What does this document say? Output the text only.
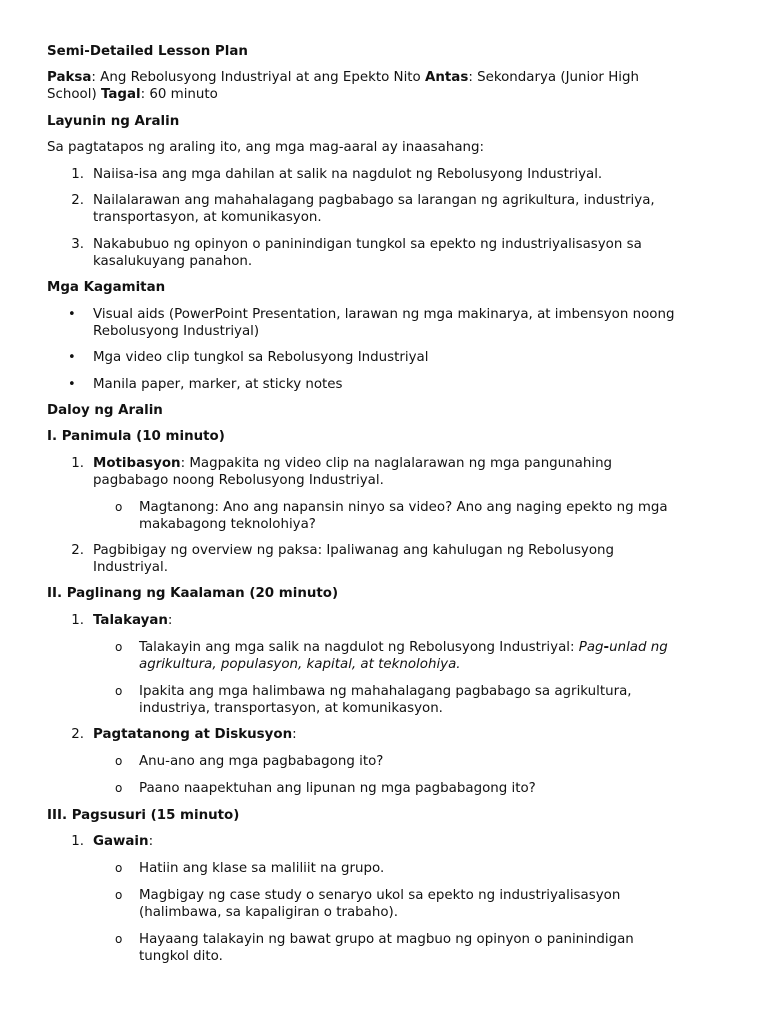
Semi-Detailed Lesson Plan
Paksa: Ang Rebolusyong Industriyal at ang Epekto Nito Antas: Sekondarya (Junior High
School) Tagal: 60 minuto
Layunin ng Aralin
Sa pagtatapos ng araling ito, ang mga mag-aaral ay inaasahang:
1. Naiisa-isa ang mga dahilan at salik na nagdulot ng Rebolusyong Industriyal.
2. Nailalarawan ang mahahalagang pagbabago sa larangan ng agrikultura, industriya,
transportasyon, at komunikasyon.
3. Nakabubuo ng opinyon o paninindigan tungkol sa epekto ng industriyalisasyon sa
kasalukuyang panahon.
Mga Kagamitan
• Visual aids (PowerPoint Presentation, larawan ng mga makinarya, at imbensyon noong
Rebolusyong Industriyal)
• Mga video clip tungkol sa Rebolusyong Industriyal
• Manila paper, marker, at sticky notes
Daloy ng Aralin
I. Panimula (10 minuto)
1. Motibasyon: Magpakita ng video clip na naglalarawan ng mga pangunahing
pagbabago noong Rebolusyong Industriyal.
o Magtanong: Ano ang napansin ninyo sa video? Ano ang naging epekto ng mga
makabagong teknolohiya?
2. Pagbibigay ng overview ng paksa: Ipaliwanag ang kahulugan ng Rebolusyong
Industriyal.
II. Paglinang ng Kaalaman (20 minuto)
1. Talakayan:
o Talakayin ang mga salik na nagdulot ng Rebolusyong Industriyal: Pag-unlad ng
agrikultura, populasyon, kapital, at teknolohiya.
o Ipakita ang mga halimbawa ng mahahalagang pagbabago sa agrikultura,
industriya, transportasyon, at komunikasyon.
2. Pagtatanong at Diskusyon:
o Anu-ano ang mga pagbabagong ito?
o Paano naapektuhan ang lipunan ng mga pagbabagong ito?
III. Pagsusuri (15 minuto)
1. Gawain:
o Hatiin ang klase sa maliliit na grupo.
o Magbigay ng case study o senaryo ukol sa epekto ng industriyalisasyon
(halimbawa, sa kapaligiran o trabaho).
o Hayaang talakayin ng bawat grupo at magbuo ng opinyon o paninindigan
tungkol dito.
